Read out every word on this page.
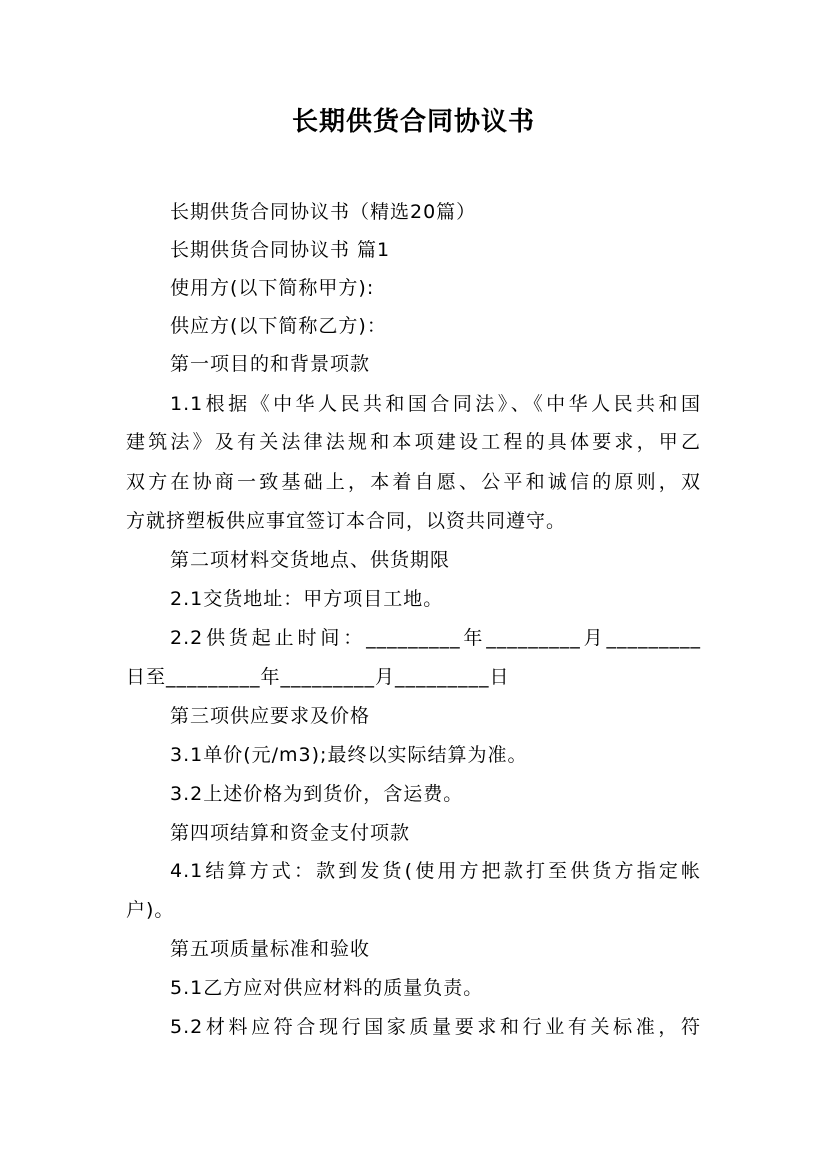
长期供货合同协议书
长期供货合同协议书（精选20篇）
长期供货合同协议书 篇1
使用方(以下简称甲方):
供应方(以下简称乙方)：
第一项目的和背景项款
1.1根据《中华人民共和国合同法》、《中华人民共和国
建筑法》及有关法律法规和本项建设工程的具体要求，甲乙
双方在协商一致基础上，本着自愿、公平和诚信的原则，双
方就挤塑板供应事宜签订本合同，以资共同遵守。
第二项材料交货地点、供货期限
2.1交货地址：甲方项目工地。
2.2供货起止时间：_________年_________月_________
日至_________年_________月_________日
第三项供应要求及价格
3.1单价(元/m3);最终以实际结算为准。
3.2上述价格为到货价，含运费。
第四项结算和资金支付项款
4.1结算方式：款到发货(使用方把款打至供货方指定帐
户)。
第五项质量标准和验收
5.1乙方应对供应材料的质量负责。
5.2材料应符合现行国家质量要求和行业有关标准，符
